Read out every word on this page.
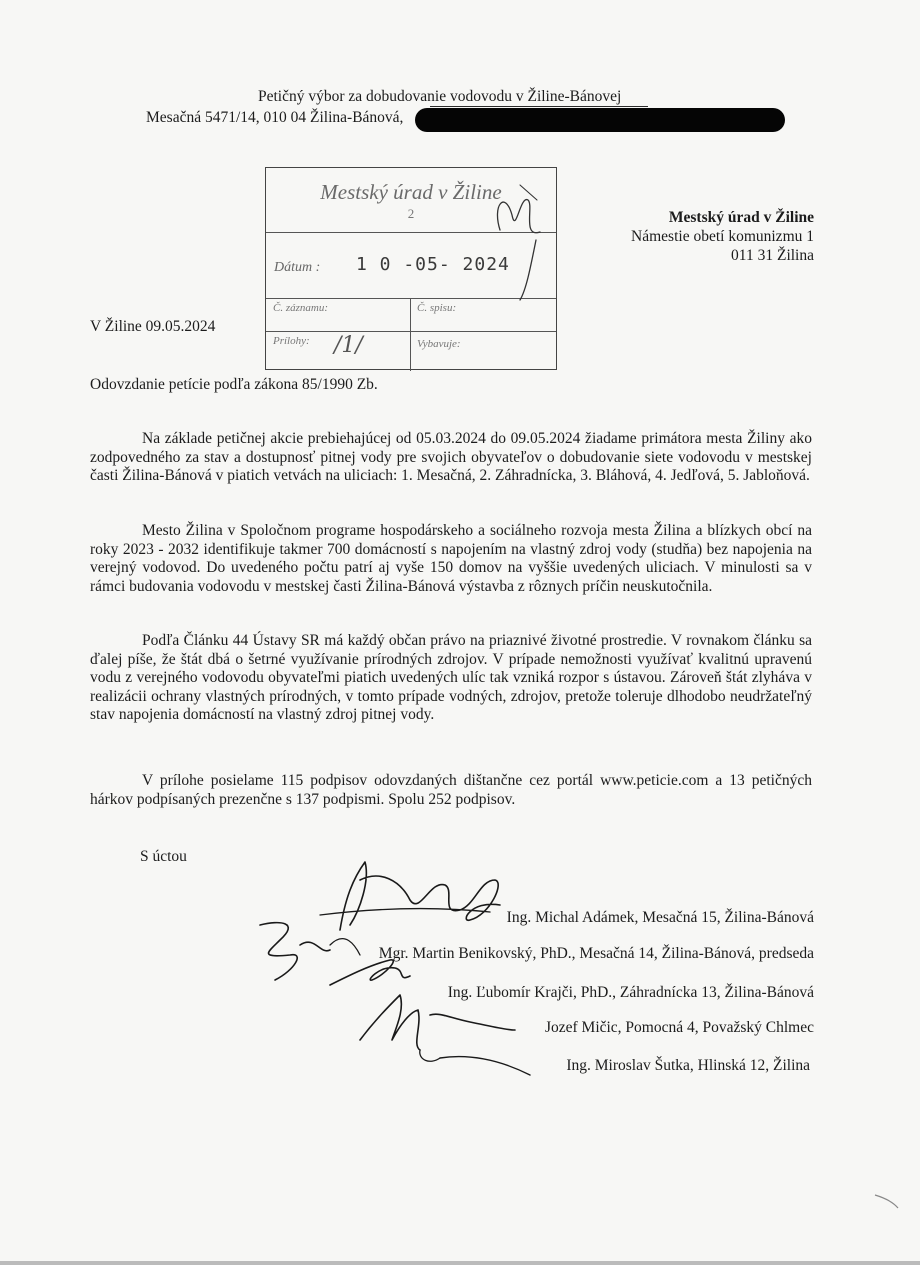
Petičný výbor za dobudovanie vodovodu v Žiline-Bánovej
Mesačná 5471/14, 010 04 Žilina-Bánová,
Mestský úrad v Žiline
2
Dátum : 1 0 -05- 2024
Č. záznamu:	Č. spisu:
Prílohy: /1/	Vybavuje:
Mestský úrad v Žiline
Námestie obetí komunizmu 1
011 31 Žilina
V Žiline 09.05.2024
Odovzdanie petície podľa zákona 85/1990 Zb.
Na základe petičnej akcie prebiehajúcej od 05.03.2024 do 09.05.2024 žiadame primátora mesta Žiliny ako zodpovedného za stav a dostupnosť pitnej vody pre svojich obyvateľov o dobudovanie siete vodovodu v mestskej časti Žilina-Bánová v piatich vetvách na uliciach: 1. Mesačná, 2. Záhradnícka, 3. Bláhová, 4. Jedľová, 5. Jabloňová.
Mesto Žilina v Spoločnom programe hospodárskeho a sociálneho rozvoja mesta Žilina a blízkych obcí na roky 2023 - 2032 identifikuje takmer 700 domácností s napojením na vlastný zdroj vody (studňa) bez napojenia na verejný vodovod. Do uvedeného počtu patrí aj vyše 150 domov na vyššie uvedených uliciach. V minulosti sa v rámci budovania vodovodu v mestskej časti Žilina-Bánová výstavba z rôznych príčin neuskutočnila.
Podľa Článku 44 Ústavy SR má každý občan právo na priaznivé životné prostredie. V rovnakom článku sa ďalej píše, že štát dbá o šetrné využívanie prírodných zdrojov. V prípade nemožnosti využívať kvalitnú upravenú vodu z verejného vodovodu obyvateľmi piatich uvedených ulíc tak vzniká rozpor s ústavou. Zároveň štát zlyháva v realizácii ochrany vlastných prírodných, v tomto prípade vodných, zdrojov, pretože toleruje dlhodobo neudržateľný stav napojenia domácností na vlastný zdroj pitnej vody.
V prílohe posielame 115 podpisov odovzdaných dištančne cez portál www.peticie.com a 13 petičných hárkov podpísaných prezenčne s 137 podpismi. Spolu 252 podpisov.
S úctou
Ing. Michal Adámek, Mesačná 15, Žilina-Bánová
Mgr. Martin Benikovský, PhD., Mesačná 14, Žilina-Bánová, predseda
Ing. Ľubomír Krajči, PhD., Záhradnícka 13, Žilina-Bánová
Jozef Mičic, Pomocná 4, Považský Chlmec
Ing. Miroslav Šutka, Hlinská 12, Žilina
